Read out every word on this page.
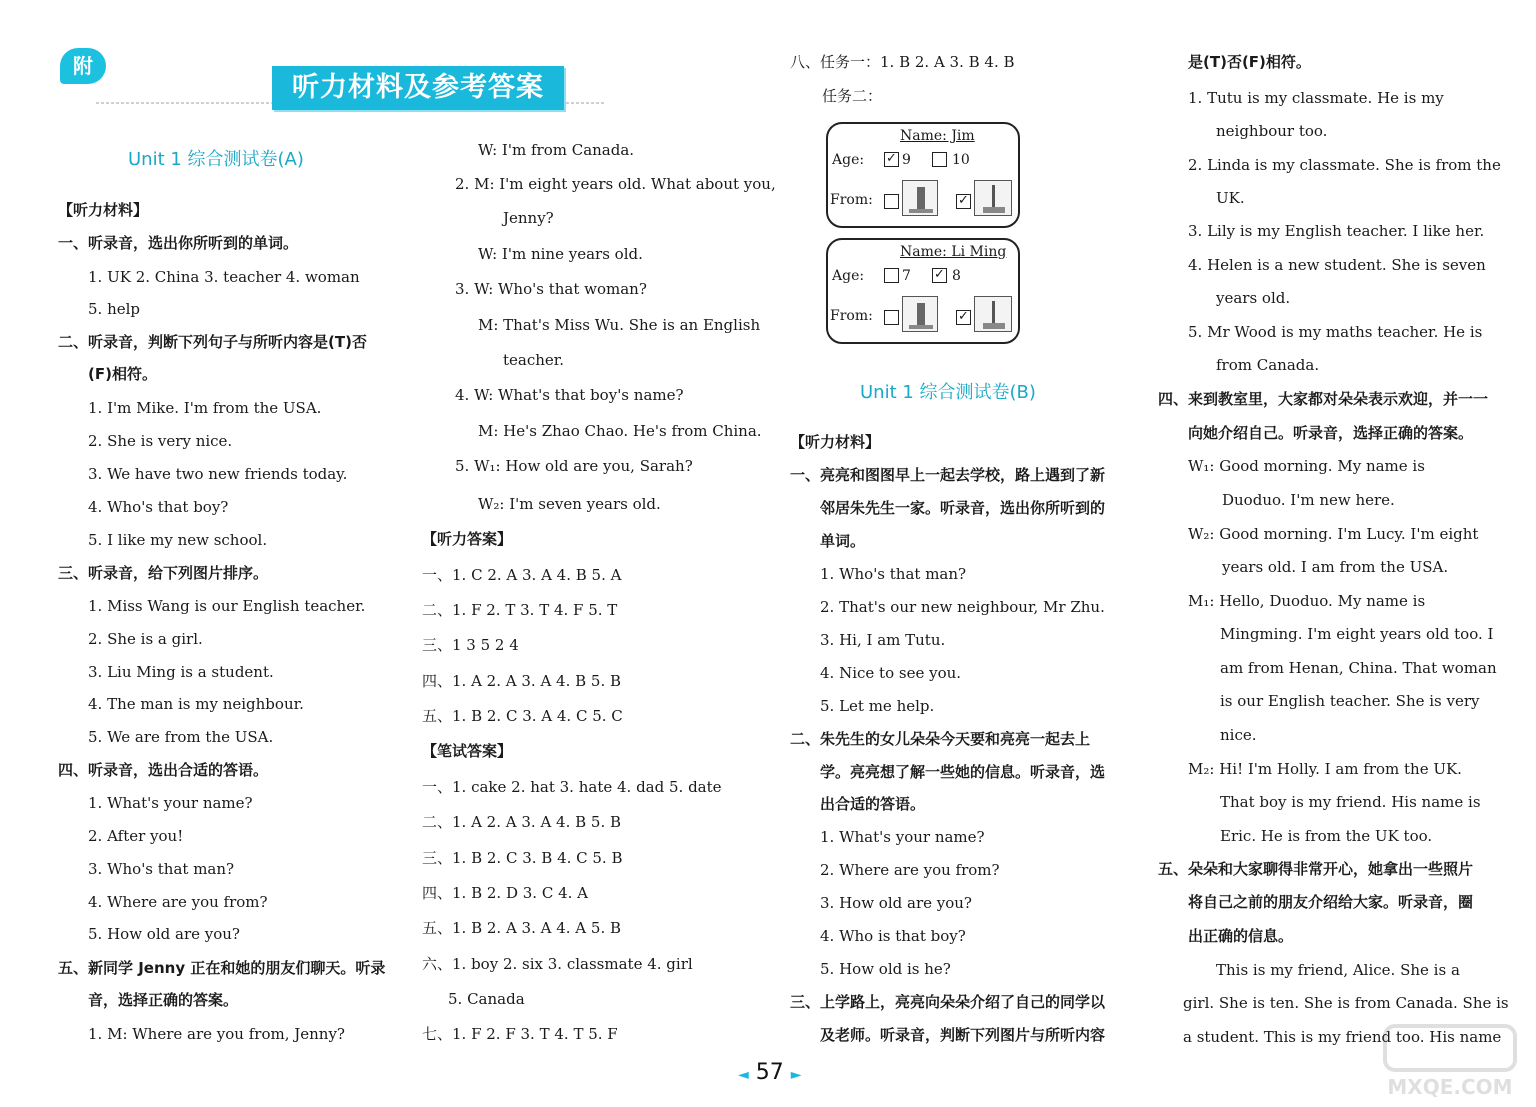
附
听力材料及参考答案
Unit 1 综合测试卷(A)
【听力材料】
一、听录音，选出你所听到的单词。
1. UK 2. China 3. teacher 4. woman
5. help
二、听录音，判断下列句子与所听内容是(T)否
(F)相符。
1. I'm Mike. I'm from the USA.
2. She is very nice.
3. We have two new friends today.
4. Who's that boy?
5. I like my new school.
三、听录音，给下列图片排序。
1. Miss Wang is our English teacher.
2. She is a girl.
3. Liu Ming is a student.
4. The man is my neighbour.
5. We are from the USA.
四、听录音，选出合适的答语。
1. What's your name?
2. After you!
3. Who's that man?
4. Where are you from?
5. How old are you?
五、新同学 Jenny 正在和她的朋友们聊天。听录
音，选择正确的答案。
1. M: Where are you from, Jenny?
W: I'm from Canada.
2. M: I'm eight years old. What about you,
Jenny?
W: I'm nine years old.
3. W: Who's that woman?
M: That's Miss Wu. She is an English
teacher.
4. W: What's that boy's name?
M: He's Zhao Chao. He's from China.
5. W₁: How old are you, Sarah?
W₂: I'm seven years old.
【听力答案】
一、1. C 2. A 3. A 4. B 5. A
二、1. F 2. T 3. T 4. F 5. T
三、1 3 5 2 4
四、1. A 2. A 3. A 4. B 5. B
五、1. B 2. C 3. A 4. C 5. C
【笔试答案】
一、1. cake 2. hat 3. hate 4. dad 5. date
二、1. A 2. A 3. A 4. B 5. B
三、1. B 2. C 3. B 4. C 5. B
四、1. B 2. D 3. C 4. A
五、1. B 2. A 3. A 4. A 5. B
六、1. boy 2. six 3. classmate 4. girl
5. Canada
七、1. F 2. F 3. T 4. T 5. F
八、任务一：1. B 2. A 3. B 4. B
任务二：
Unit 1 综合测试卷(B)
【听力材料】
一、亮亮和图图早上一起去学校，路上遇到了新
邻居朱先生一家。听录音，选出你所听到的
单词。
1. Who's that man?
2. That's our new neighbour, Mr Zhu.
3. Hi, I am Tutu.
4. Nice to see you.
5. Let me help.
二、朱先生的女儿朵朵今天要和亮亮一起去上
学。亮亮想了解一些她的信息。听录音，选
出合适的答语。
1. What's your name?
2. Where are you from?
3. How old are you?
4. Who is that boy?
5. How old is he?
三、上学路上，亮亮向朵朵介绍了自己的同学以
及老师。听录音，判断下列图片与所听内容
是(T)否(F)相符。
1. Tutu is my classmate. He is my
neighbour too.
2. Linda is my classmate. She is from the
UK.
3. Lily is my English teacher. I like her.
4. Helen is a new student. She is seven
years old.
5. Mr Wood is my maths teacher. He is
from Canada.
四、来到教室里，大家都对朵朵表示欢迎，并一一
向她介绍自己。听录音，选择正确的答案。
W₁: Good morning. My name is
Duoduo. I'm new here.
W₂: Good morning. I'm Lucy. I'm eight
years old. I am from the USA.
M₁: Hello, Duoduo. My name is
Mingming. I'm eight years old too. I
am from Henan, China. That woman
is our English teacher. She is very
nice.
M₂: Hi! I'm Holly. I am from the UK.
That boy is my friend. His name is
Eric. He is from the UK too.
五、朵朵和大家聊得非常开心，她拿出一些照片
将自己之前的朋友介绍给大家。听录音，圈
出正确的信息。
This is my friend, Alice. She is a
girl. She is ten. She is from Canada. She is
a student. This is my friend too. His name
Name: Jim
Age: ✓ 9	10
From:	✓
Name: Li Ming
Age:	7 ✓ 8
From:	✓
◄ 57 ►	MXQE.COM
